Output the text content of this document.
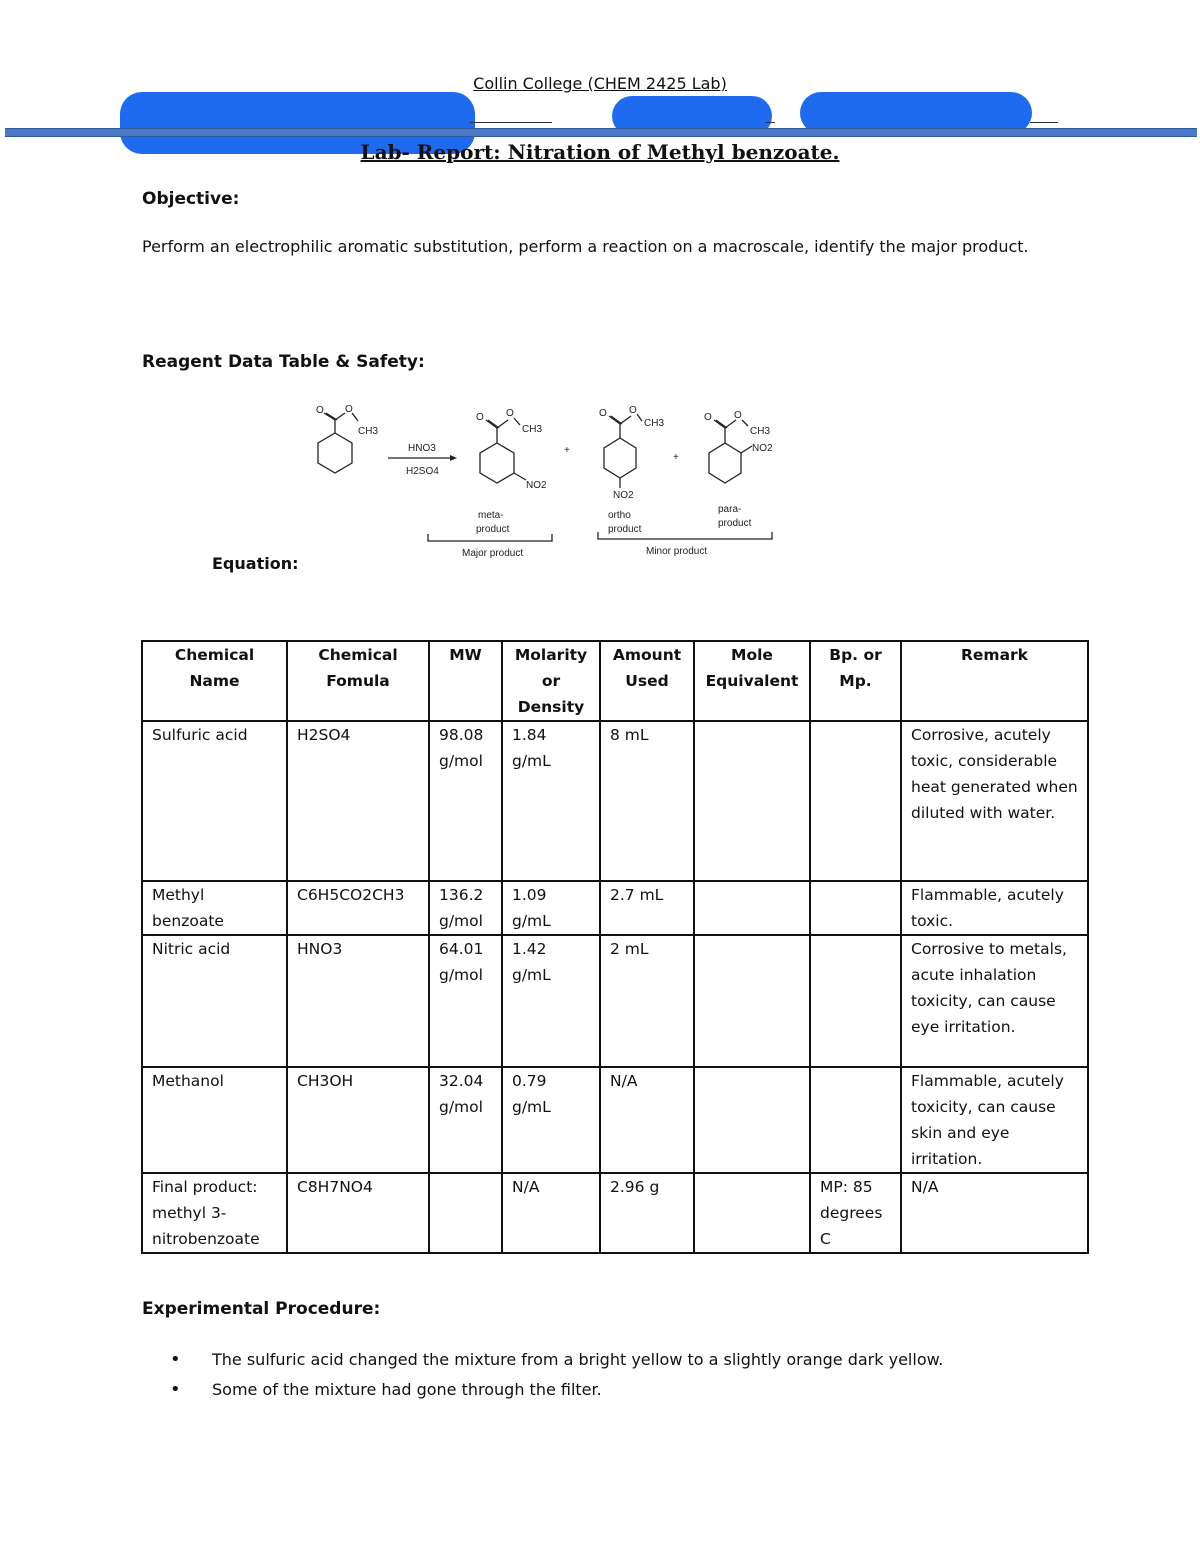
Collin College (CHEM 2425 Lab)
Lab- Report: Nitration of Methyl benzoate.
Objective:
Perform an electrophilic aromatic substitution, perform a reaction on a macroscale, identify the major product.
Reagent Data Table & Safety:
O O
CH3
HNO3
H2SO4
O O
CH3
NO2
+
O O
CH3
NO2
+
O O
CH3
NO2
meta-
product
ortho
product
para-
product
Major product	Minor product
Equation:
Chemical Name	Chemical Fomula	MW	Molarity or Density	Amount Used	Mole Equivalent	Bp. or Mp.	Remark
Sulfuric acid	H2SO4	98.08 g/mol	1.84 g/mL	8 mL			Corrosive, acutely toxic, considerable heat generated when diluted with water.
Methyl benzoate	C6H5CO2CH3	136.2 g/mol	1.09 g/mL	2.7 mL			Flammable, acutely toxic.
Nitric acid	HNO3	64.01 g/mol	1.42 g/mL	2 mL			Corrosive to metals, acute inhalation toxicity, can cause eye irritation.
Methanol	CH3OH	32.04 g/mol	0.79 g/mL	N/A			Flammable, acutely toxicity, can cause skin and eye irritation.
Final product: methyl 3-nitrobenzoate	C8H7NO4		N/A	2.96 g		MP: 85 degrees C	N/A
Experimental Procedure:
• The sulfuric acid changed the mixture from a bright yellow to a slightly orange dark yellow.
• Some of the mixture had gone through the filter.
